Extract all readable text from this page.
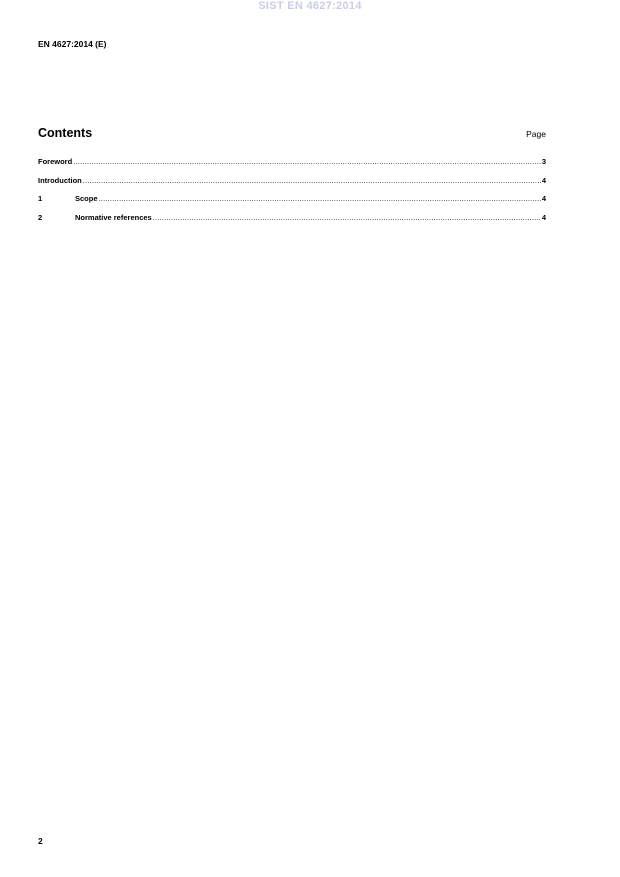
SIST EN 4627:2014
EN 4627:2014 (E)
Contents	Page
Foreword .....	3
Introduction .....	4
1	Scope .....	4
2	Normative references .....	4
2
